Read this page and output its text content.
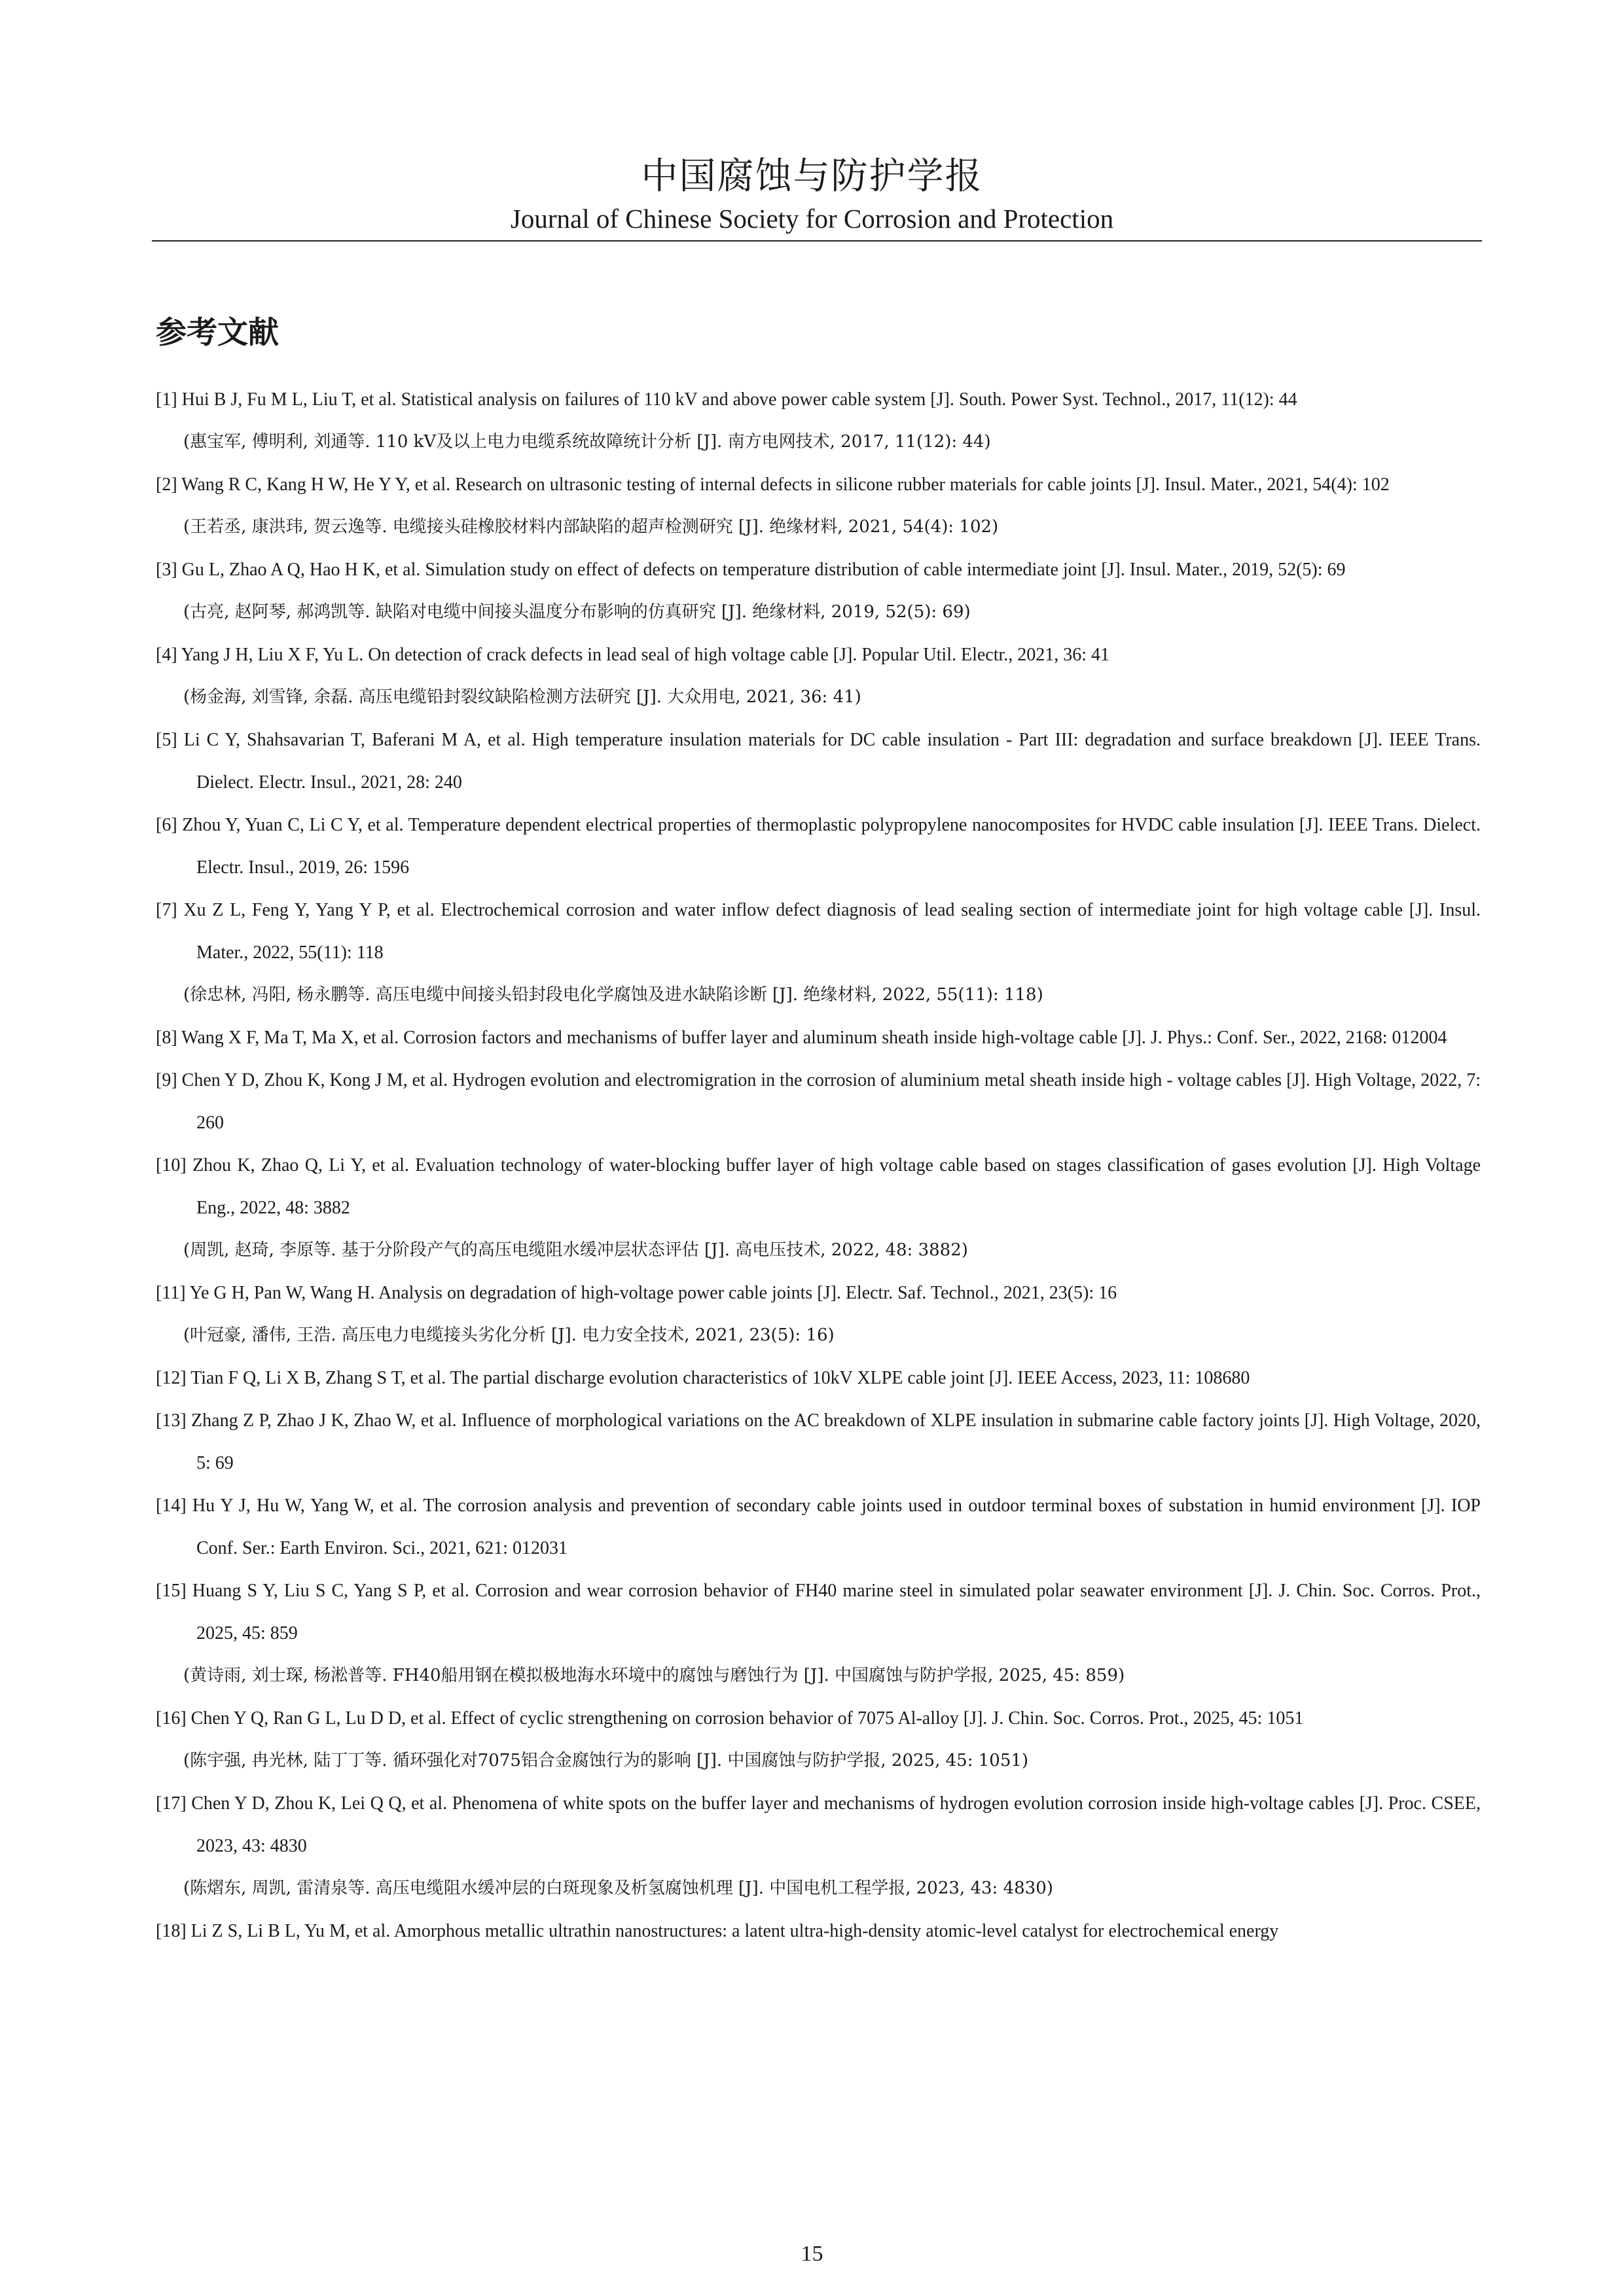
中国腐蚀与防护学报
Journal of Chinese Society for Corrosion and Protection
参考文献
[1] Hui B J, Fu M L, Liu T, et al. Statistical analysis on failures of 110 kV and above power cable system [J]. South. Power Syst. Technol., 2017, 11(12): 44
(惠宝军, 傅明利, 刘通等. 110 kV及以上电力电缆系统故障统计分析 [J]. 南方电网技术, 2017, 11(12): 44)
[2] Wang R C, Kang H W, He Y Y, et al. Research on ultrasonic testing of internal defects in silicone rubber materials for cable joints [J]. Insul. Mater., 2021, 54(4): 102
(王若丞, 康洪玮, 贺云逸等. 电缆接头硅橡胶材料内部缺陷的超声检测研究 [J]. 绝缘材料, 2021, 54(4): 102)
[3] Gu L, Zhao A Q, Hao H K, et al. Simulation study on effect of defects on temperature distribution of cable intermediate joint [J]. Insul. Mater., 2019, 52(5): 69
(古亮, 赵阿琴, 郝鸿凯等. 缺陷对电缆中间接头温度分布影响的仿真研究 [J]. 绝缘材料, 2019, 52(5): 69)
[4] Yang J H, Liu X F, Yu L. On detection of crack defects in lead seal of high voltage cable [J]. Popular Util. Electr., 2021, 36: 41
(杨金海, 刘雪锋, 余磊. 高压电缆铅封裂纹缺陷检测方法研究 [J]. 大众用电, 2021, 36: 41)
[5] Li C Y, Shahsavarian T, Baferani M A, et al. High temperature insulation materials for DC cable insulation - Part III: degradation and surface breakdown [J]. IEEE Trans. Dielect. Electr. Insul., 2021, 28: 240
[6] Zhou Y, Yuan C, Li C Y, et al. Temperature dependent electrical properties of thermoplastic polypropylene nanocomposites for HVDC cable insulation [J]. IEEE Trans. Dielect. Electr. Insul., 2019, 26: 1596
[7] Xu Z L, Feng Y, Yang Y P, et al. Electrochemical corrosion and water inflow defect diagnosis of lead sealing section of intermediate joint for high voltage cable [J]. Insul. Mater., 2022, 55(11): 118
(徐忠林, 冯阳, 杨永鹏等. 高压电缆中间接头铅封段电化学腐蚀及进水缺陷诊断 [J]. 绝缘材料, 2022, 55(11): 118)
[8] Wang X F, Ma T, Ma X, et al. Corrosion factors and mechanisms of buffer layer and aluminum sheath inside high-voltage cable [J]. J. Phys.: Conf. Ser., 2022, 2168: 012004
[9] Chen Y D, Zhou K, Kong J M, et al. Hydrogen evolution and electromigration in the corrosion of aluminium metal sheath inside high - voltage cables [J]. High Voltage, 2022, 7: 260
[10] Zhou K, Zhao Q, Li Y, et al. Evaluation technology of water-blocking buffer layer of high voltage cable based on stages classification of gases evolution [J]. High Voltage Eng., 2022, 48: 3882
(周凯, 赵琦, 李原等. 基于分阶段产气的高压电缆阻水缓冲层状态评估 [J]. 高电压技术, 2022, 48: 3882)
[11] Ye G H, Pan W, Wang H. Analysis on degradation of high-voltage power cable joints [J]. Electr. Saf. Technol., 2021, 23(5): 16
(叶冠豪, 潘伟, 王浩. 高压电力电缆接头劣化分析 [J]. 电力安全技术, 2021, 23(5): 16)
[12] Tian F Q, Li X B, Zhang S T, et al. The partial discharge evolution characteristics of 10kV XLPE cable joint [J]. IEEE Access, 2023, 11: 108680
[13] Zhang Z P, Zhao J K, Zhao W, et al. Influence of morphological variations on the AC breakdown of XLPE insulation in submarine cable factory joints [J]. High Voltage, 2020, 5: 69
[14] Hu Y J, Hu W, Yang W, et al. The corrosion analysis and prevention of secondary cable joints used in outdoor terminal boxes of substation in humid environment [J]. IOP Conf. Ser.: Earth Environ. Sci., 2021, 621: 012031
[15] Huang S Y, Liu S C, Yang S P, et al. Corrosion and wear corrosion behavior of FH40 marine steel in simulated polar seawater environment [J]. J. Chin. Soc. Corros. Prot., 2025, 45: 859
(黄诗雨, 刘士琛, 杨淞普等. FH40船用钢在模拟极地海水环境中的腐蚀与磨蚀行为 [J]. 中国腐蚀与防护学报, 2025, 45: 859)
[16] Chen Y Q, Ran G L, Lu D D, et al. Effect of cyclic strengthening on corrosion behavior of 7075 Al-alloy [J]. J. Chin. Soc. Corros. Prot., 2025, 45: 1051
(陈宇强, 冉光林, 陆丁丁等. 循环强化对7075铝合金腐蚀行为的影响 [J]. 中国腐蚀与防护学报, 2025, 45: 1051)
[17] Chen Y D, Zhou K, Lei Q Q, et al. Phenomena of white spots on the buffer layer and mechanisms of hydrogen evolution corrosion inside high-voltage cables [J]. Proc. CSEE, 2023, 43: 4830
(陈熠东, 周凯, 雷清泉等. 高压电缆阻水缓冲层的白斑现象及析氢腐蚀机理 [J]. 中国电机工程学报, 2023, 43: 4830)
[18] Li Z S, Li B L, Yu M, et al. Amorphous metallic ultrathin nanostructures: a latent ultra-high-density atomic-level catalyst for electrochemical energy
15
